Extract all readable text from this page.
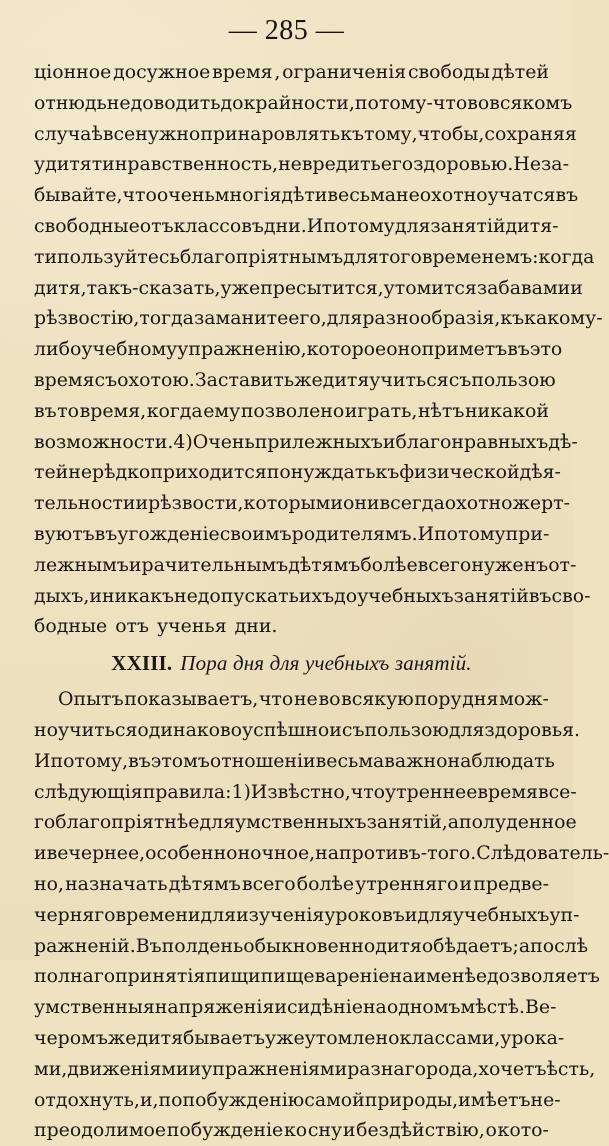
— 285 —
ціонное досужное время , ограниченія свободы дѣтей
отнюдь не доводить до крайности , потому-что во всякомъ
случаѣ все нужно принаровлять къ тому, чтобы, сохраняя
у дитяти нравственность, не вредить его здоровью. Не за-
бывайте, что очень многія дѣти весьма неохотно учатся въ
свободные отъ классовъ дни. И потому для занятій дитя-
ти пользуйтесь благопріятнымъ для того временемъ : когда
дитя, такъ-сказать, уже пресытится, утомится забавами и
рѣзвостію, тогда заманите его, для разнообразія, къ какому-
либо учебному упражненію, которое оно приметъ въ это
время съ охотою. Заставить же дитя учиться съ пользою
въ то время, когда ему позволено играть, нѣтъ никакой
возможности. 4) Очень прилежныхъ и благонравныхъ дѣ-
тей нерѣдко приходится понуждать къ физической дѣя-
тельности и рѣзвости, которыми они всегда охотно жерт-
вуютъ въ угожденіе своимъ родителямъ. И потому при-
лежнымъ и рачительнымъ дѣтямъ болѣе всего нуженъ от-
дыхъ, и никакъ не допускать ихъ до учебныхъ занятій въ сво-
бодные отъ ученья дни.
XXIII. Пора дня для учебныхъ занятій.
Опытъ показываетъ, что не во всякую пору дня мож-
но учиться одинаково успѣшно и съ пользою для здоровья.
И потому, въ этомъ отношеніи весьма важно наблюдать
слѣдующія правила: 1) Извѣстно, что утреннее время все-
го благопріятнѣе для умственныхъ занятій , а полуденное
и вечернее, особенно ночное, напротивъ-того. Слѣдователь-
но, назначать дѣтямъ всего болѣе утренняго и предве-
черняго времени для изученія уроковъ и для учебныхъ уп-
ражненій. Въ полдень обыкновенно дитя обѣдаетъ; а послѣ
полнаго принятія пищи пищевареніе наименѣе дозволяетъ
умственныя напряженія и сидѣніе на одномъ мѣстѣ. Ве-
черомъ же дитя бываетъ уже утомлено классами, урока-
ми, движеніями и упражненіями разнаго рода, хочетъ ѣсть,
отдохнуть, и, по побужденію самой природы, имѣетъ не-
преодолимое побужденіе ко сну и бездѣйствію, о кото-
